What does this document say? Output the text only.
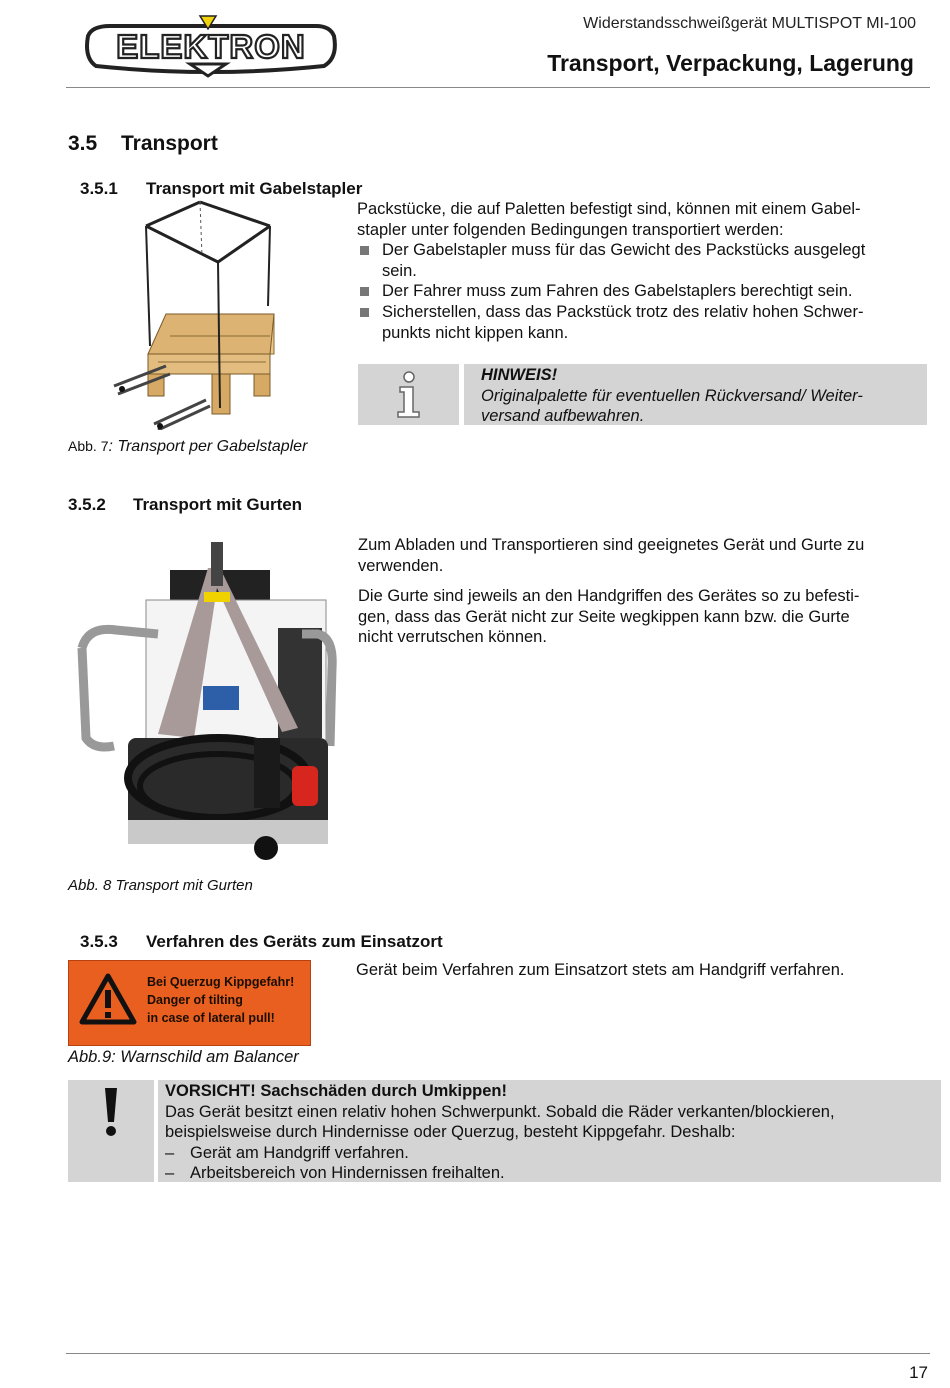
ELEKTRON
Widerstandsschweißgerät MULTISPOT MI-100
Transport, Verpackung, Lagerung
3.5 Transport
3.5.1 Transport mit Gabelstapler

Packstücke, die auf Paletten befestigt sind, können mit einem Gabel-

stapler unter folgenden Bedingungen transportiert werden:

Der Gabelstapler muss für das Gewicht des Packstücks ausgelegt
sein.
Der Fahrer muss zum Fahren des Gabelstaplers berechtigt sein.
Sicherstellen, dass das Packstück trotz des relativ hohen Schwer-
punkts nicht kippen kann.
HINWEIS!
Originalpalette für eventuellen Rückversand/ Weiter-
versand aufbewahren.
Abb. 7: Transport per Gabelstapler
3.5.2 Transport mit Gurten

Zum Abladen und Transportieren sind geeignetes Gerät und Gurte zu

verwenden.

Die Gurte sind jeweils an den Handgriffen des Gerätes so zu befesti-

gen, dass das Gerät nicht zur Seite wegkippen kann bzw. die Gurte

nicht verrutschen können.

Abb. 8 Transport mit Gurten
3.5.3 Verfahren des Geräts zum Einsatzort
Bei Querzug Kippgefahr!
Danger of tilting
in case of lateral pull!
Gerät beim Verfahren zum Einsatzort stets am Handgriff verfahren.
Abb.9: Warnschild am Balancer
VORSICHT! Sachschäden durch Umkippen!
Das Gerät besitzt einen relativ hohen Schwerpunkt. Sobald die Räder verkanten/blockieren,
beispielsweise durch Hindernisse oder Querzug, besteht Kippgefahr. Deshalb:
– Gerät am Handgriff verfahren.
– Arbeitsbereich von Hindernissen freihalten.
17
